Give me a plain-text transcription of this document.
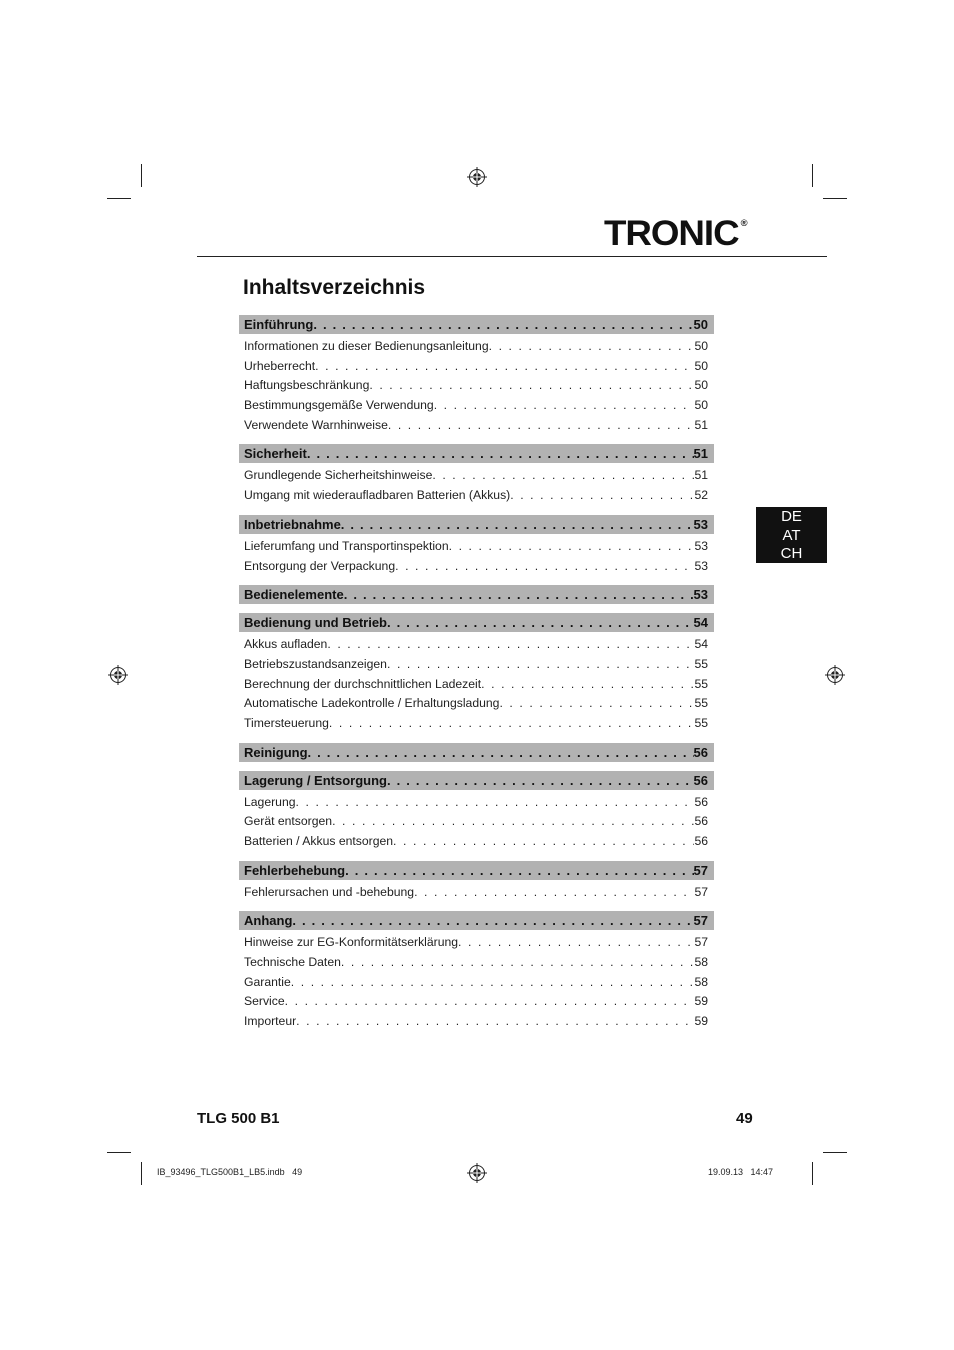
TRONIC ®
Inhaltsverzeichnis
Einführung . . .	50
Informationen zu dieser Bedienungsanleitung . . .	50
Urheberrecht . . .	50
Haftungsbeschränkung . . .	50
Bestimmungsgemäße Verwendung . . .	50
Verwendete Warnhinweise . . .	51
Sicherheit . . .	51
Grundlegende Sicherheitshinweise . . .	51
Umgang mit wiederaufladbaren Batterien (Akkus) . . .	52
Inbetriebnahme . . .	53
Lieferumfang und Transportinspektion . . .	53
Entsorgung der Verpackung . . .	53
Bedienelemente . . .	53
Bedienung und Betrieb . . .	54
Akkus aufladen . . .	54
Betriebszustandsanzeigen . . .	55
Berechnung der durchschnittlichen Ladezeit . . .	55
Automatische Ladekontrolle / Erhaltungsladung . . .	55
Timersteuerung . . .	55
Reinigung . . .	56
Lagerung / Entsorgung . . .	56
Lagerung . . .	56
Gerät entsorgen . . .	56
Batterien / Akkus entsorgen . . .	56
Fehlerbehebung . . .	57
Fehlerursachen und -behebung . . .	57
Anhang . . .	57
Hinweise zur EG-Konformitätserklärung . . .	57
Technische Daten . . .	58
Garantie . . .	58
Service . . .	59
Importeur . . .	59
DE
AT
CH
TLG 500 B1	49
IB_93496_TLG500B1_LB5.indb   49	19.09.13   14:47
